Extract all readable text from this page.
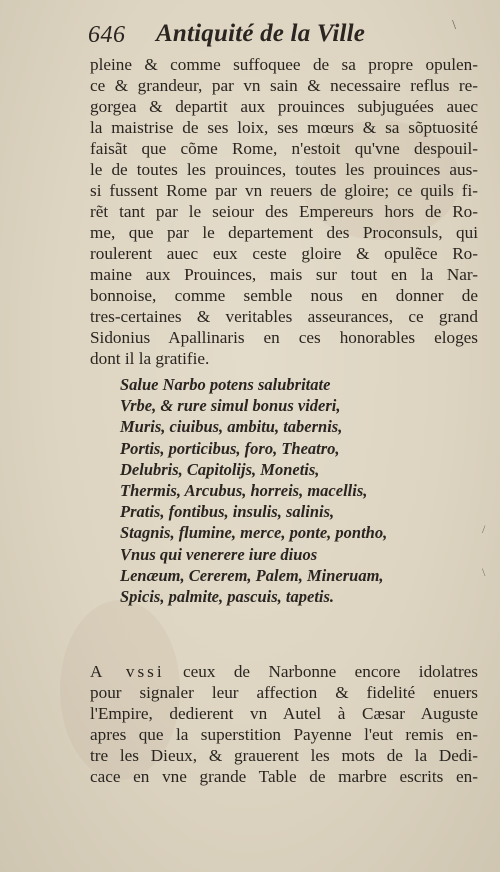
646 Antiquité de la Ville	\
pleine & comme suffoquee de sa propre opulen-
ce & grandeur, par vn sain & necessaire reflus re-
gorgea & departit aux prouinces subjuguées auec
la maistrise de ses loix, ses mœurs & sa sõptuosité
faisãt que cõme Rome, n'estoit qu'vne despouil-
le de toutes les prouinces, toutes les prouinces aus-
si fussent Rome par vn reuers de gloire; ce quils fi-
rẽt tant par le seiour des Empereurs hors de Ro-
me, que par le departement des Proconsuls, qui
roulerent auec eux ceste gloire & opulẽce Ro-
maine aux Prouinces, mais sur tout en la Nar-
bonnoise, comme semble nous en donner de
tres-certaines & veritables asseurances, ce grand
Sidonius Apallinaris en ces honorables eloges
dont il la gratifie.
Salue Narbo potens salubritate
Vrbe, & rure simul bonus videri,
Muris, ciuibus, ambitu, tabernis,
Portis, porticibus, foro, Theatro,
Delubris, Capitolijs, Monetis,
Thermis, Arcubus, horreis, macellis,
Pratis, fontibus, insulis, salinis,
Stagnis, flumine, merce, ponte, pontho,
Vnus qui venerere iure diuos
Lenæum, Cererem, Palem, Mineruam,
Spicis, palmite, pascuis, tapetis.
/
\
A vssi ceux de Narbonne encore idolatres
pour signaler leur affection & fidelité enuers
l'Empire, dedierent vn Autel à Cæsar Auguste
apres que la superstition Payenne l'eut remis en-
tre les Dieux, & grauerent les mots de la Dedi-
cace en vne grande Table de marbre escrits en-
